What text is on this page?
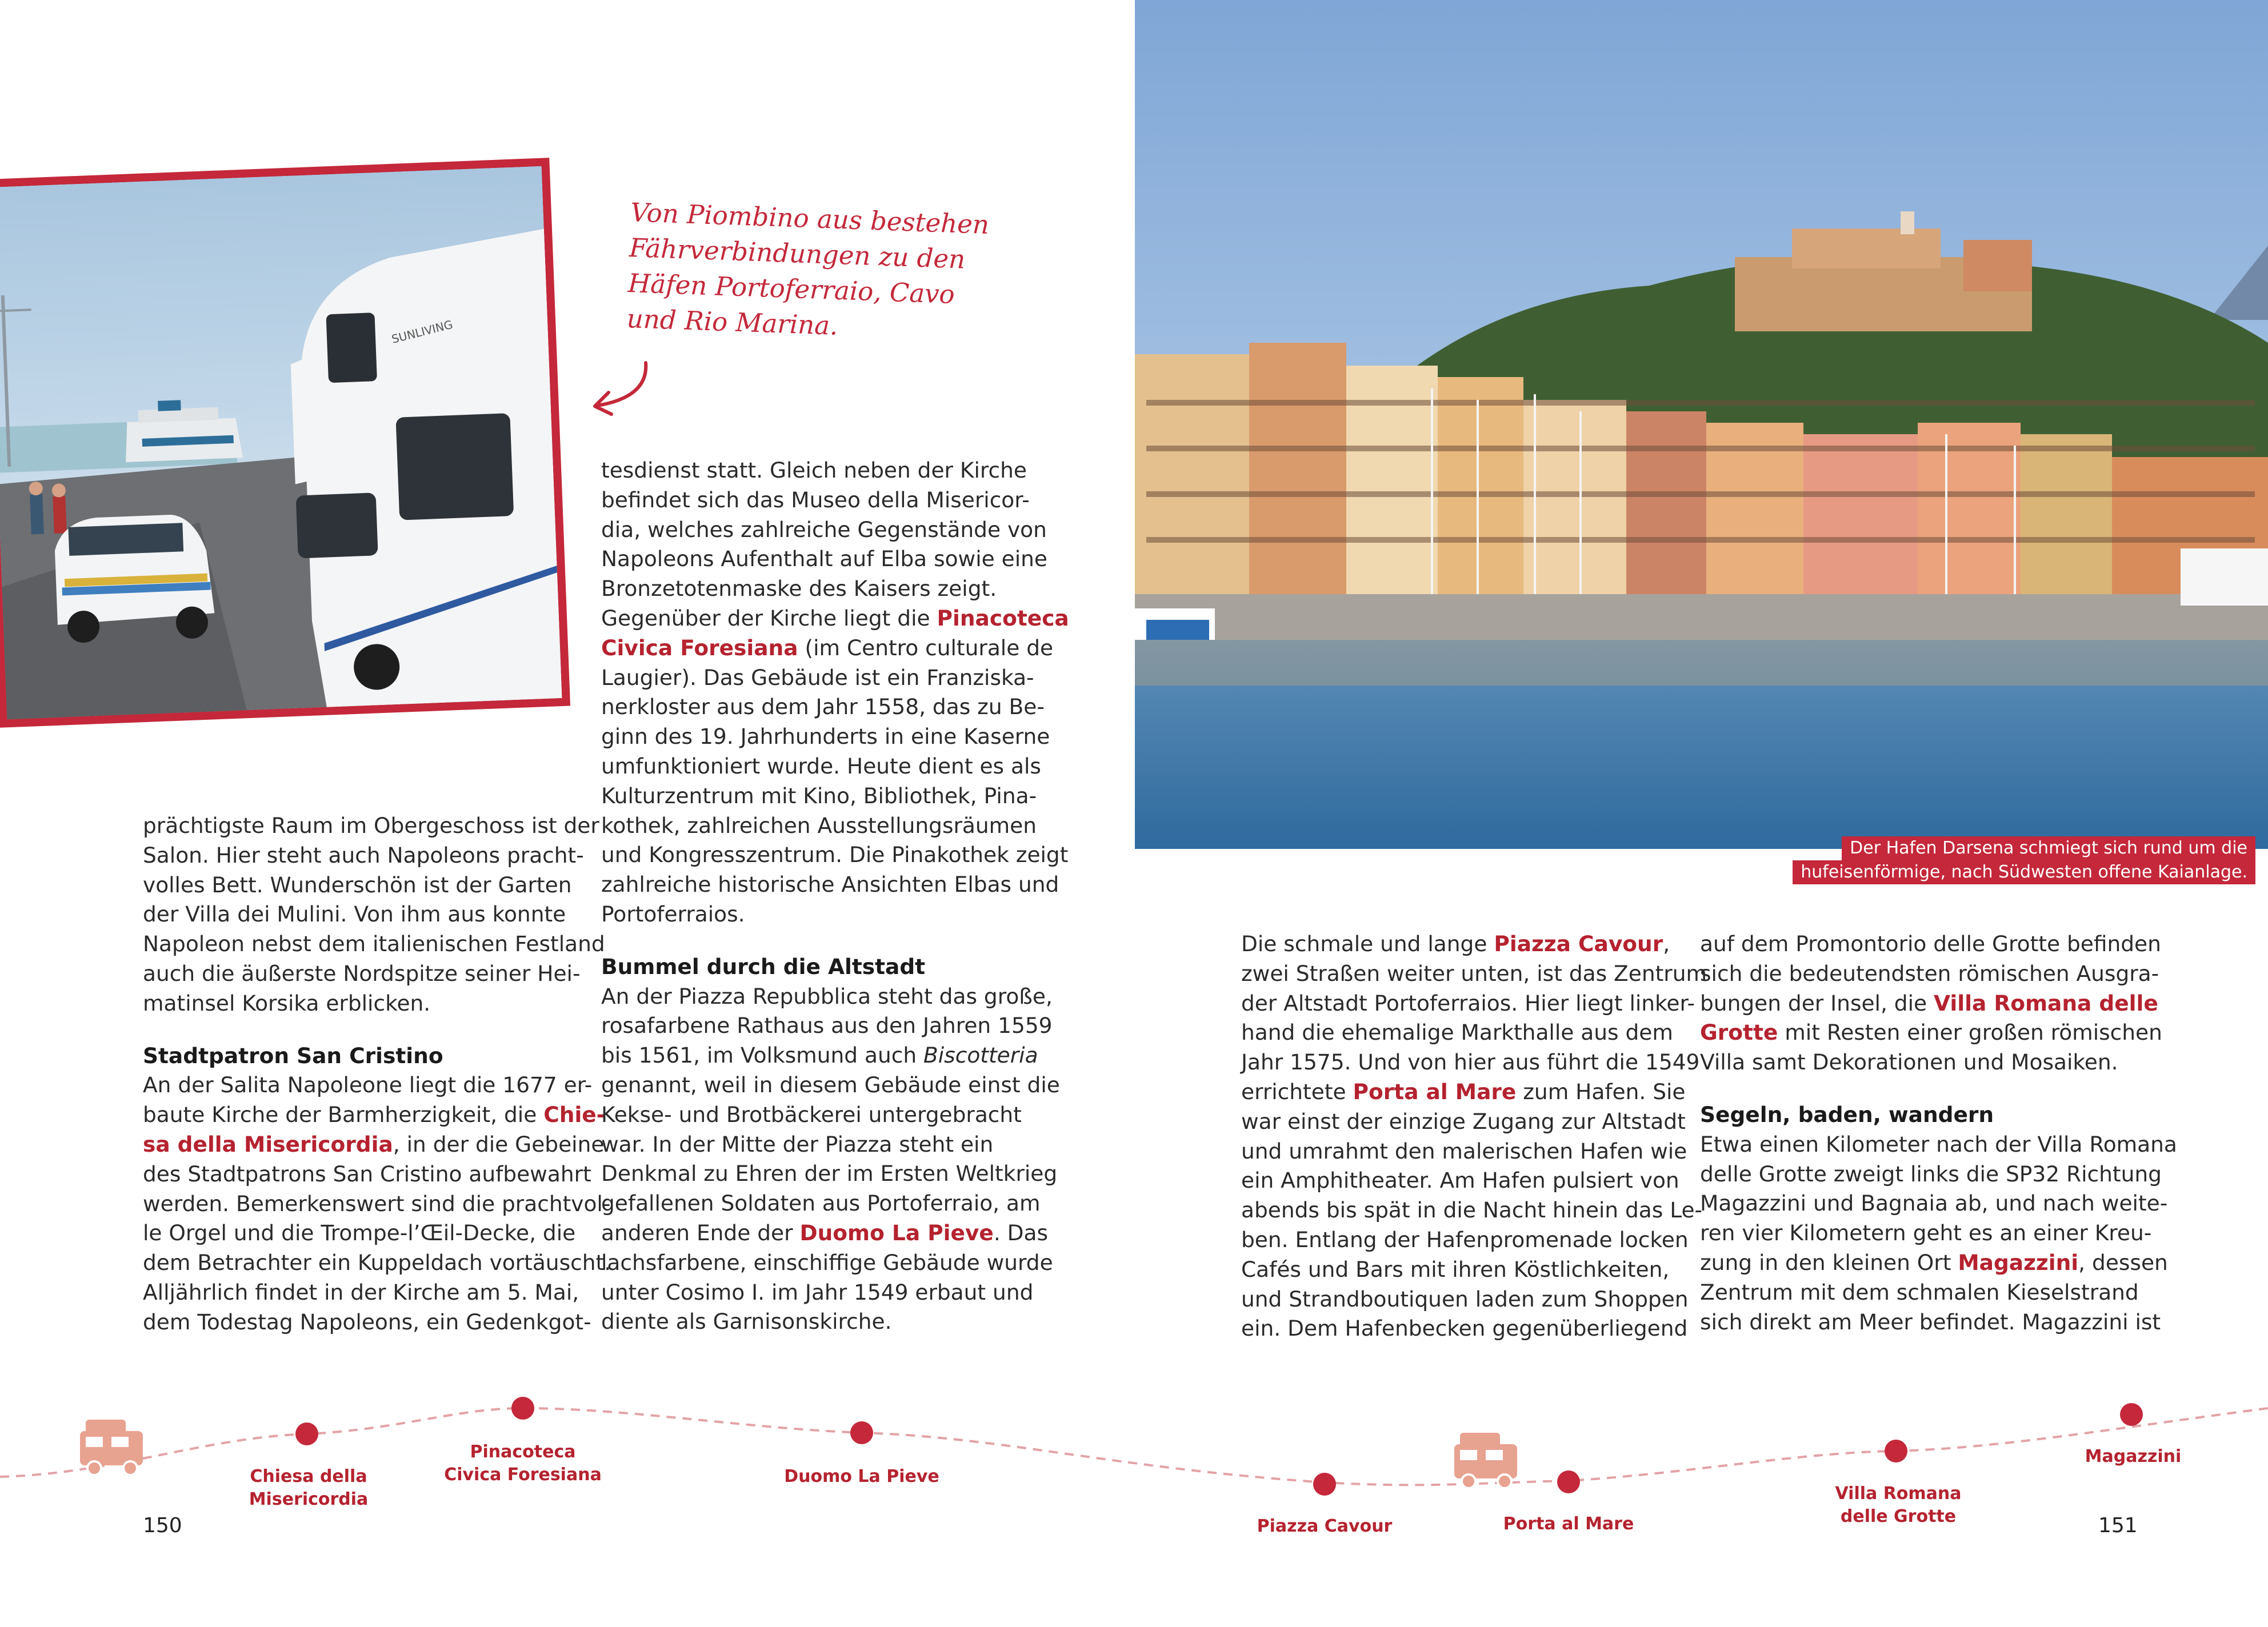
SUNLIVING
Von Piombino aus bestehen
Fährverbindungen zu den
Häfen Portoferraio, Cavo
und Rio Marina.
prächtigste Raum im Obergeschoss ist der
Salon. Hier steht auch Napoleons pracht-
volles Bett. Wunderschön ist der Garten
der Villa dei Mulini. Von ihm aus konnte
Napoleon nebst dem italienischen Festland
auch die äußerste Nordspitze seiner Hei-
matinsel Korsika erblicken.
Stadtpatron San Cristino
An der Salita Napoleone liegt die 1677 er-
baute Kirche der Barmherzigkeit, die Chie-
sa della Misericordia, in der die Gebeine
des Stadtpatrons San Cristino aufbewahrt
werden. Bemerkenswert sind die prachtvol-
le Orgel und die Trompe-l’Œil-Decke, die
dem Betrachter ein Kuppeldach vortäuscht.
Alljährlich findet in der Kirche am 5. Mai,
dem Todestag Napoleons, ein Gedenkgot-
tesdienst statt. Gleich neben der Kirche
befindet sich das Museo della Misericor-
dia, welches zahlreiche Gegenstände von
Napoleons Aufenthalt auf Elba sowie eine
Bronzetotenmaske des Kaisers zeigt.
Gegenüber der Kirche liegt die Pinacoteca
Civica Foresiana (im Centro culturale de
Laugier). Das Gebäude ist ein Franziska-
nerkloster aus dem Jahr 1558, das zu Be-
ginn des 19. Jahrhunderts in eine Kaserne
umfunktioniert wurde. Heute dient es als
Kulturzentrum mit Kino, Bibliothek, Pina-
kothek, zahlreichen Ausstellungsräumen
und Kongresszentrum. Die Pinakothek zeigt
zahlreiche historische Ansichten Elbas und
Portoferraios.
Bummel durch die Altstadt
An der Piazza Repubblica steht das große,
rosafarbene Rathaus aus den Jahren 1559
bis 1561, im Volksmund auch Biscotteria
genannt, weil in diesem Gebäude einst die
Kekse- und Brotbäckerei untergebracht
war. In der Mitte der Piazza steht ein
Denkmal zu Ehren der im Ersten Weltkrieg
gefallenen Soldaten aus Portoferraio, am
anderen Ende der Duomo La Pieve. Das
lachsfarbene, einschiffige Gebäude wurde
unter Cosimo I. im Jahr 1549 erbaut und
diente als Garnisonskirche.
Der Hafen Darsena schmiegt sich rund um die
hufeisenförmige, nach Südwesten offene Kaianlage.
Die schmale und lange Piazza Cavour,
zwei Straßen weiter unten, ist das Zentrum
der Altstadt Portoferraios. Hier liegt linker-
hand die ehemalige Markthalle aus dem
Jahr 1575. Und von hier aus führt die 1549
errichtete Porta al Mare zum Hafen. Sie
war einst der einzige Zugang zur Altstadt
und umrahmt den malerischen Hafen wie
ein Amphitheater. Am Hafen pulsiert von
abends bis spät in die Nacht hinein das Le-
ben. Entlang der Hafenpromenade locken
Cafés und Bars mit ihren Köstlichkeiten,
und Strandboutiquen laden zum Shoppen
ein. Dem Hafenbecken gegenüberliegend
auf dem Promontorio delle Grotte befinden
sich die bedeutendsten römischen Ausgra-
bungen der Insel, die Villa Romana delle
Grotte mit Resten einer großen römischen
Villa samt Dekorationen und Mosaiken.
Segeln, baden, wandern
Etwa einen Kilometer nach der Villa Romana
delle Grotte zweigt links die SP32 Richtung
Magazzini und Bagnaia ab, und nach weite-
ren vier Kilometern geht es an einer Kreu-
zung in den kleinen Ort Magazzini, dessen
Zentrum mit dem schmalen Kieselstrand
sich direkt am Meer befindet. Magazzini ist
Chiesa della
Misericordia
Pinacoteca
Civica Foresiana	Duomo La Pieve
Piazza Cavour	Porta al Mare
Villa Romana
delle Grotte
Magazzini
150	151
